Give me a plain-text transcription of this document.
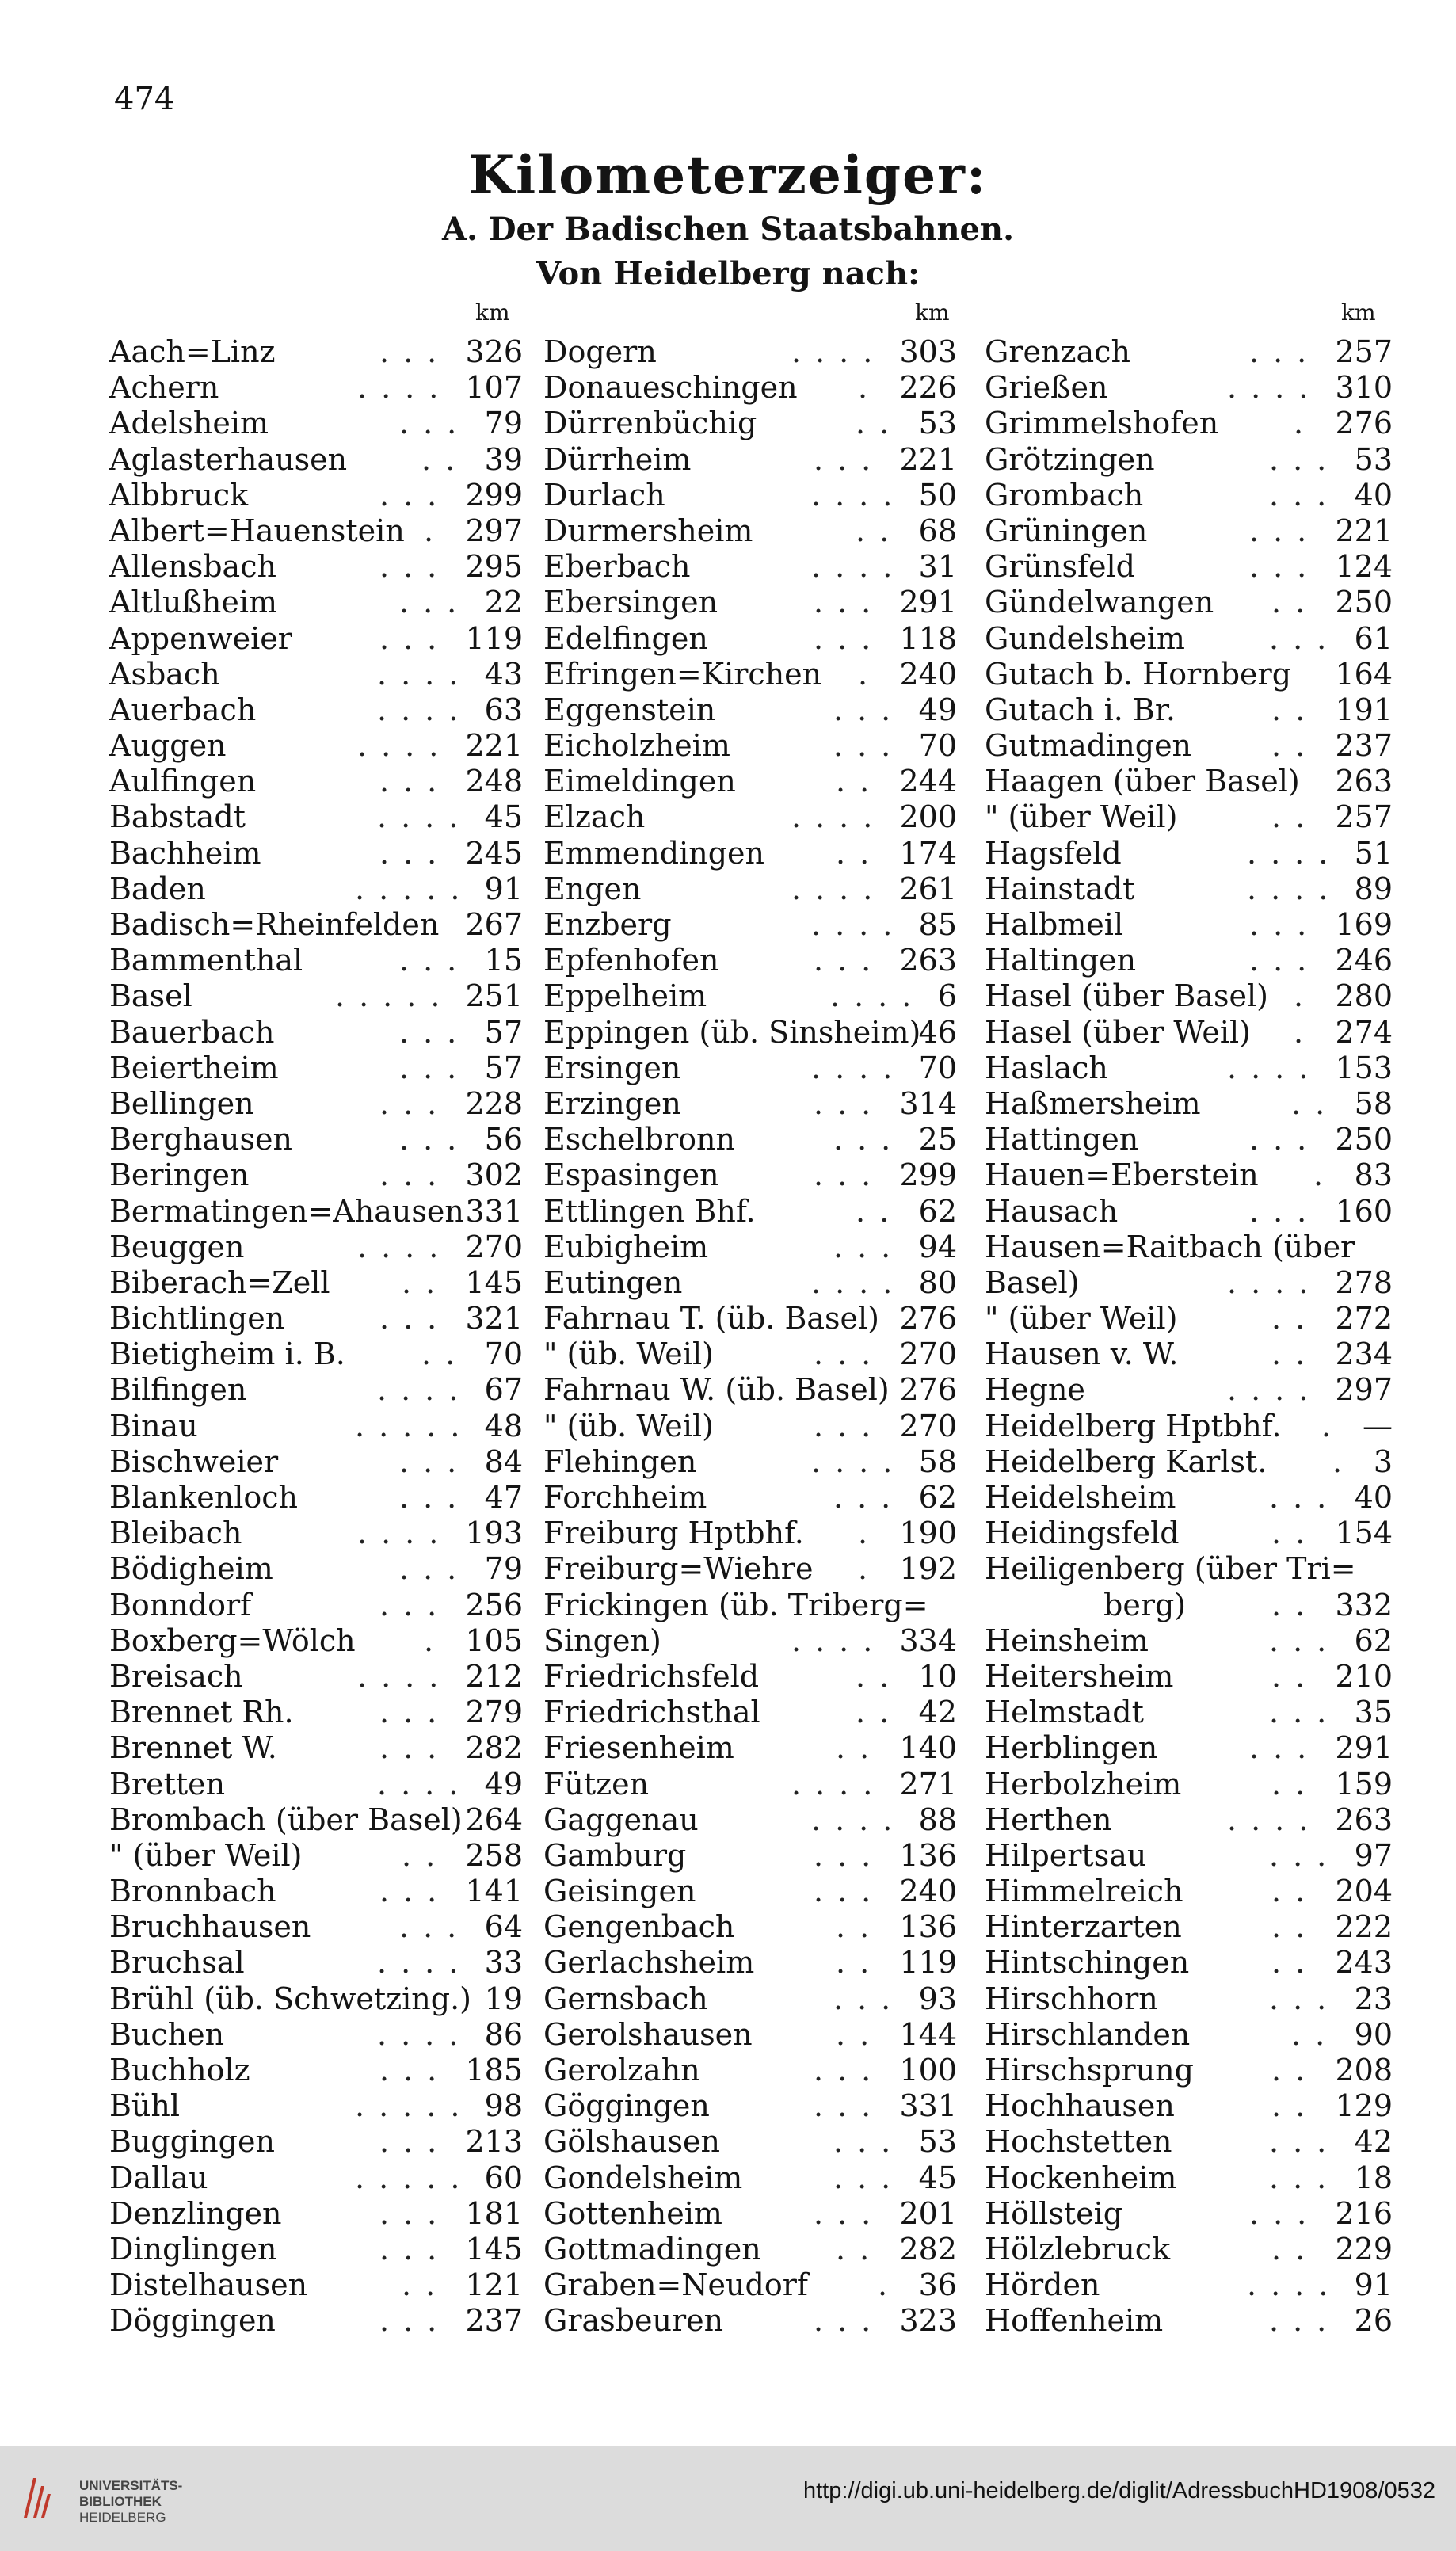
474
Kilometerzeiger:
A. Der Badischen Staatsbahnen.
Von Heidelberg nach:
km	km	km
Aach=Linz	326
...
Achern	107
....
Adelsheim	79
...
Aglasterhausen	39
..
Albbruck	299
...
Albert=Hauenstein 297
.
Allensbach	295
...
Altlußheim	22
...
Appenweier	119
...
Asbach	43
....
Auerbach	63
....
Auggen	221
....
Aulfingen	248
...
Babstadt	45
....
Bachheim	245
...
Baden	91
.....
Badisch=Rheinfelden 267
Bammenthal	15
...
Basel	251
.....
Bauerbach	57
...
Beiertheim	57
...
Bellingen	228
...
Berghausen	56
...
Beringen	302
...
Bermatingen=Ahausen 331
Beuggen	270
....
Biberach=Zell	145
..
Bichtlingen	321
...
Bietigheim i. B.	70
..
Bilfingen	67
....
Binau	48
.....
Bischweier	84
...
Blankenloch	47
...
Bleibach	193
....
Bödigheim	79
...
Bonndorf	256
...
Boxberg=Wölch	105
.
Breisach	212
....
Brennet Rh.	279
...
Brennet W.	282
...
Bretten	49
....
Brombach (über Basel) 264
" (über Weil)	258
..
Bronnbach	141
...
Bruchhausen	64
...
Bruchsal	33
....
Brühl (üb. Schwetzing.) 19
Buchen	86
....
Buchholz	185
...
Bühl	98
.....
Buggingen	213
...
Dallau	60
.....
Denzlingen	181
...
Dinglingen	145
...
Distelhausen	121
..
Döggingen	237
...
Dogern	303
....
Donaueschingen	226
.
Dürrenbüchig	53
..
Dürrheim	221
...
Durlach	50
....
Durmersheim	68
..
Eberbach	31
....
Ebersingen	291
...
Edelfingen	118
...
Efringen=Kirchen	240
.
Eggenstein	49
...
Eicholzheim	70
...
Eimeldingen	244
..
Elzach	200
....
Emmendingen	174
..
Engen	261
....
Enzberg	85
....
Epfenhofen	263
...
Eppelheim	6
....
Eppingen (üb. Sinsheim)
46
Ersingen	70
....
Erzingen	314
...
Eschelbronn	25
...
Espasingen	299
...
Ettlingen Bhf.	62
..
Eubigheim	94
...
Eutingen	80
....
Fahrnau T. (üb. Basel) 276
" (üb. Weil)	270
...
Fahrnau W. (üb. Basel) 276
" (üb. Weil)	270
...
Flehingen	58
....
Forchheim	62
...
Freiburg Hptbhf.	190
.
Freiburg=Wiehre	192
.
Frickingen (üb. Triberg=
Singen)	334
....
Friedrichsfeld	10
..
Friedrichsthal	42
..
Friesenheim	140
..
Fützen	271
....
Gaggenau	88
....
Gamburg	136
...
Geisingen	240
...
Gengenbach	136
..
Gerlachsheim	119
..
Gernsbach	93
...
Gerolshausen	144
..
Gerolzahn	100
...
Göggingen	331
...
Gölshausen	53
...
Gondelsheim	45
...
Gottenheim	201
...
Gottmadingen	282
..
Graben=Neudorf	36
.
Grasbeuren	323
...
Grenzach	257
...
Grießen	310
....
Grimmelshofen	276
.
Grötzingen	53
...
Grombach	40
...
Grüningen	221
...
Grünsfeld	124
...
Gündelwangen	250
..
Gundelsheim	61
...
Gutach b. Hornberg 164
Gutach i. Br.	191
..
Gutmadingen	237
..
Haagen (über Basel) 263
" (über Weil)	257
..
Hagsfeld	51
....
Hainstadt	89
....
Halbmeil	169
...
Haltingen	246
...
Hasel (über Basel) 280
.
Hasel (über Weil)	274
.
Haslach	153
....
Haßmersheim	58
..
Hattingen	250
...
Hauen=Eberstein	83
.
Hausach	160
...
Hausen=Raitbach (über
Basel)	278
....
" (über Weil)	272
..
Hausen v. W.	234
..
Hegne	297
....
Heidelberg Hptbhf.	—
.
Heidelberg Karlst.	3
.
Heidelsheim	40
...
Heidingsfeld	154
..
Heiligenberg (über Tri=
berg)	332
..
Heinsheim	62
...
Heitersheim	210
..
Helmstadt	35
...
Herblingen	291
...
Herbolzheim	159
..
Herthen	263
....
Hilpertsau	97
...
Himmelreich	204
..
Hinterzarten	222
..
Hintschingen	243
..
Hirschhorn	23
...
Hirschlanden	90
..
Hirschsprung	208
..
Hochhausen	129
..
Hochstetten	42
...
Hockenheim	18
...
Höllsteig	216
...
Hölzlebruck	229
..
Hörden	91
....
Hoffenheim	26
...
UNIVERSITÄTS-
BIBLIOTHEK
HEIDELBERG
http://digi.ub.uni-heidelberg.de/diglit/AdressbuchHD1908/0532
